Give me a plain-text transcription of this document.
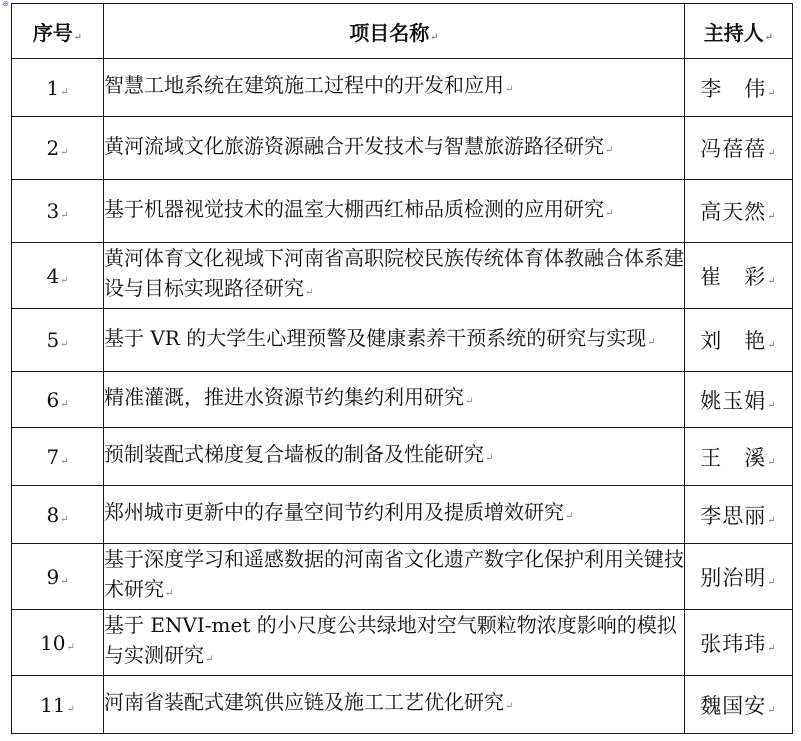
⊕
序号 ↵	项目名称 ↵	主持人 ↵
1 ↵	智慧工地系统在建筑施工过程中的开发和应用 ↵	李　伟 ↵
2 ↵	黄河流域文化旅游资源融合开发技术与智慧旅游路径研究 ↵	冯蓓蓓 ↵
3 ↵	基于机器视觉技术的温室大棚西红柿品质检测的应用研究 ↵	高天然 ↵
4 ↵	黄河体育文化视域下河南省高职院校民族传统体育体教融合体系建设与目标实现路径研究 ↵	崔　彩 ↵
5 ↵	基于 VR 的大学生心理预警及健康素养干预系统的研究与实现 ↵	刘　艳 ↵
6 ↵	精准灌溉，推进水资源节约集约利用研究 ↵	姚玉娟 ↵
7 ↵	预制装配式梯度复合墙板的制备及性能研究 ↵	王　溪 ↵
8 ↵	郑州城市更新中的存量空间节约利用及提质增效研究 ↵	李思丽 ↵
9 ↵	基于深度学习和遥感数据的河南省文化遗产数字化保护利用关键技术研究 ↵	别治明 ↵
10 ↵	基于 ENVI-met 的小尺度公共绿地对空气颗粒物浓度影响的模拟与实测研究 ↵	张玮玮 ↵
11 ↵	河南省装配式建筑供应链及施工工艺优化研究 ↵	魏国安 ↵
